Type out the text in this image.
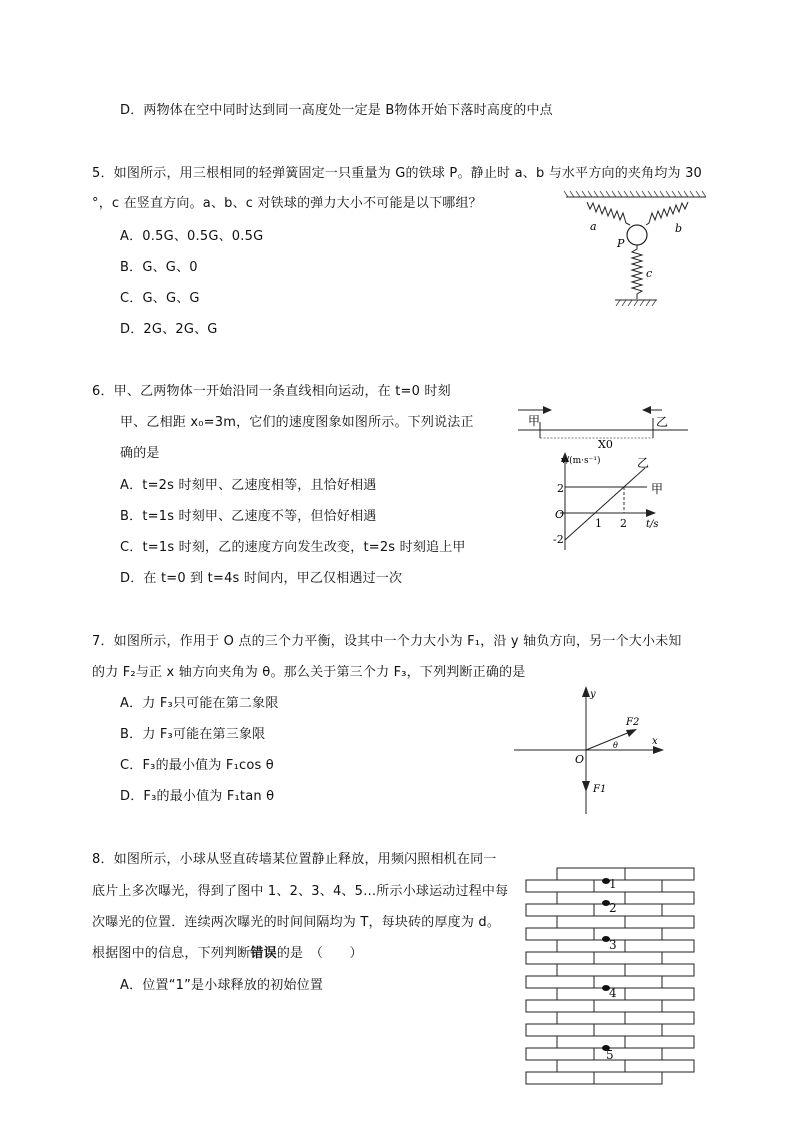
D．两物体在空中同时达到同一高度处一定是 B物体开始下落时高度的中点
5．如图所示，用三根相同的轻弹簧固定一只重量为 G的铁球 P。静止时 a、b 与水平方向的夹角均为 30
°，c 在竖直方向。a、b、c 对铁球的弹力大小不可能是以下哪组？
A．0.5G、0.5G、0.5G
B．G、G、0
C．G、G、G
D．2G、2G、G
a	b
P
c
6．甲、乙两物体一开始沿同一条直线相向运动，在 t=0 时刻
甲、乙相距 x₀=3m，它们的速度图象如图所示。下列说法正
确的是
A．t=2s 时刻甲、乙速度相等，且恰好相遇
B．t=1s 时刻甲、乙速度不等，但恰好相遇
C．t=1s 时刻，乙的速度方向发生改变，t=2s 时刻追上甲
D．在 t=0 到 t=4s 时间内，甲乙仅相遇过一次
甲	乙
X0
v/(m·s⁻¹)	乙
甲
2
O
-2
1 2 t/s
7．如图所示，作用于 O 点的三个力平衡，设其中一个力大小为 F₁，沿 y 轴负方向，另一个大小未知
的力 F₂与正 x 轴方向夹角为 θ。那么关于第三个力 F₃，下列判断正确的是
A．力 F₃只可能在第二象限
B．力 F₃可能在第三象限
C．F₃的最小值为 F₁cos θ
D．F₃的最小值为 F₁tan θ
y
x
O
F2
θ
F1
8．如图所示，小球从竖直砖墙某位置静止释放，用频闪照相机在同一
底片上多次曝光，得到了图中 1、2、3、4、5…所示小球运动过程中每
次曝光的位置．连续两次曝光的时间间隔均为 T，每块砖的厚度为 d。
根据图中的信息，下列判断错误的是　（　　）
A．位置“1”是小球释放的初始位置
1
2
3
4
5
